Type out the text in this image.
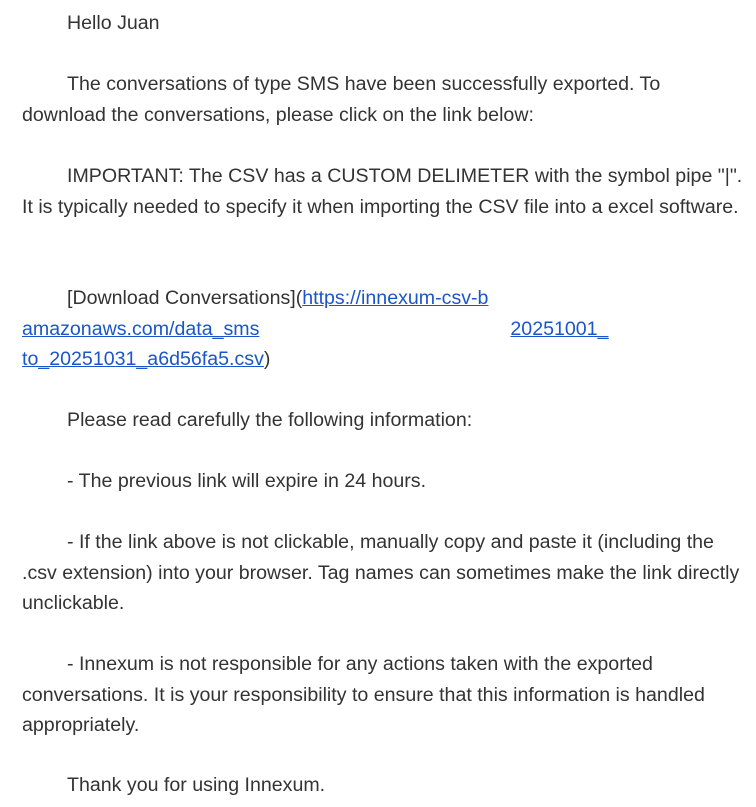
Hello Juan

The conversations of type SMS have been successfully exported. To download the conversations, please click on the link below:

IMPORTANT: The CSV has a CUSTOM DELIMETER with the symbol pipe "|". It is typically needed to specify it when importing the CSV file into a excel software.

[Download Conversations](https://innexum-csv-b
amazonaws.com/data_sms	20251001_
to_20251031_a6d56fa5.csv)

Please read carefully the following information:

- The previous link will expire in 24 hours.

- If the link above is not clickable, manually copy and paste it (including the .csv extension) into your browser. Tag names can sometimes make the link directly unclickable.

- Innexum is not responsible for any actions taken with the exported conversations. It is your responsibility to ensure that this information is handled appropriately.

Thank you for using Innexum.
